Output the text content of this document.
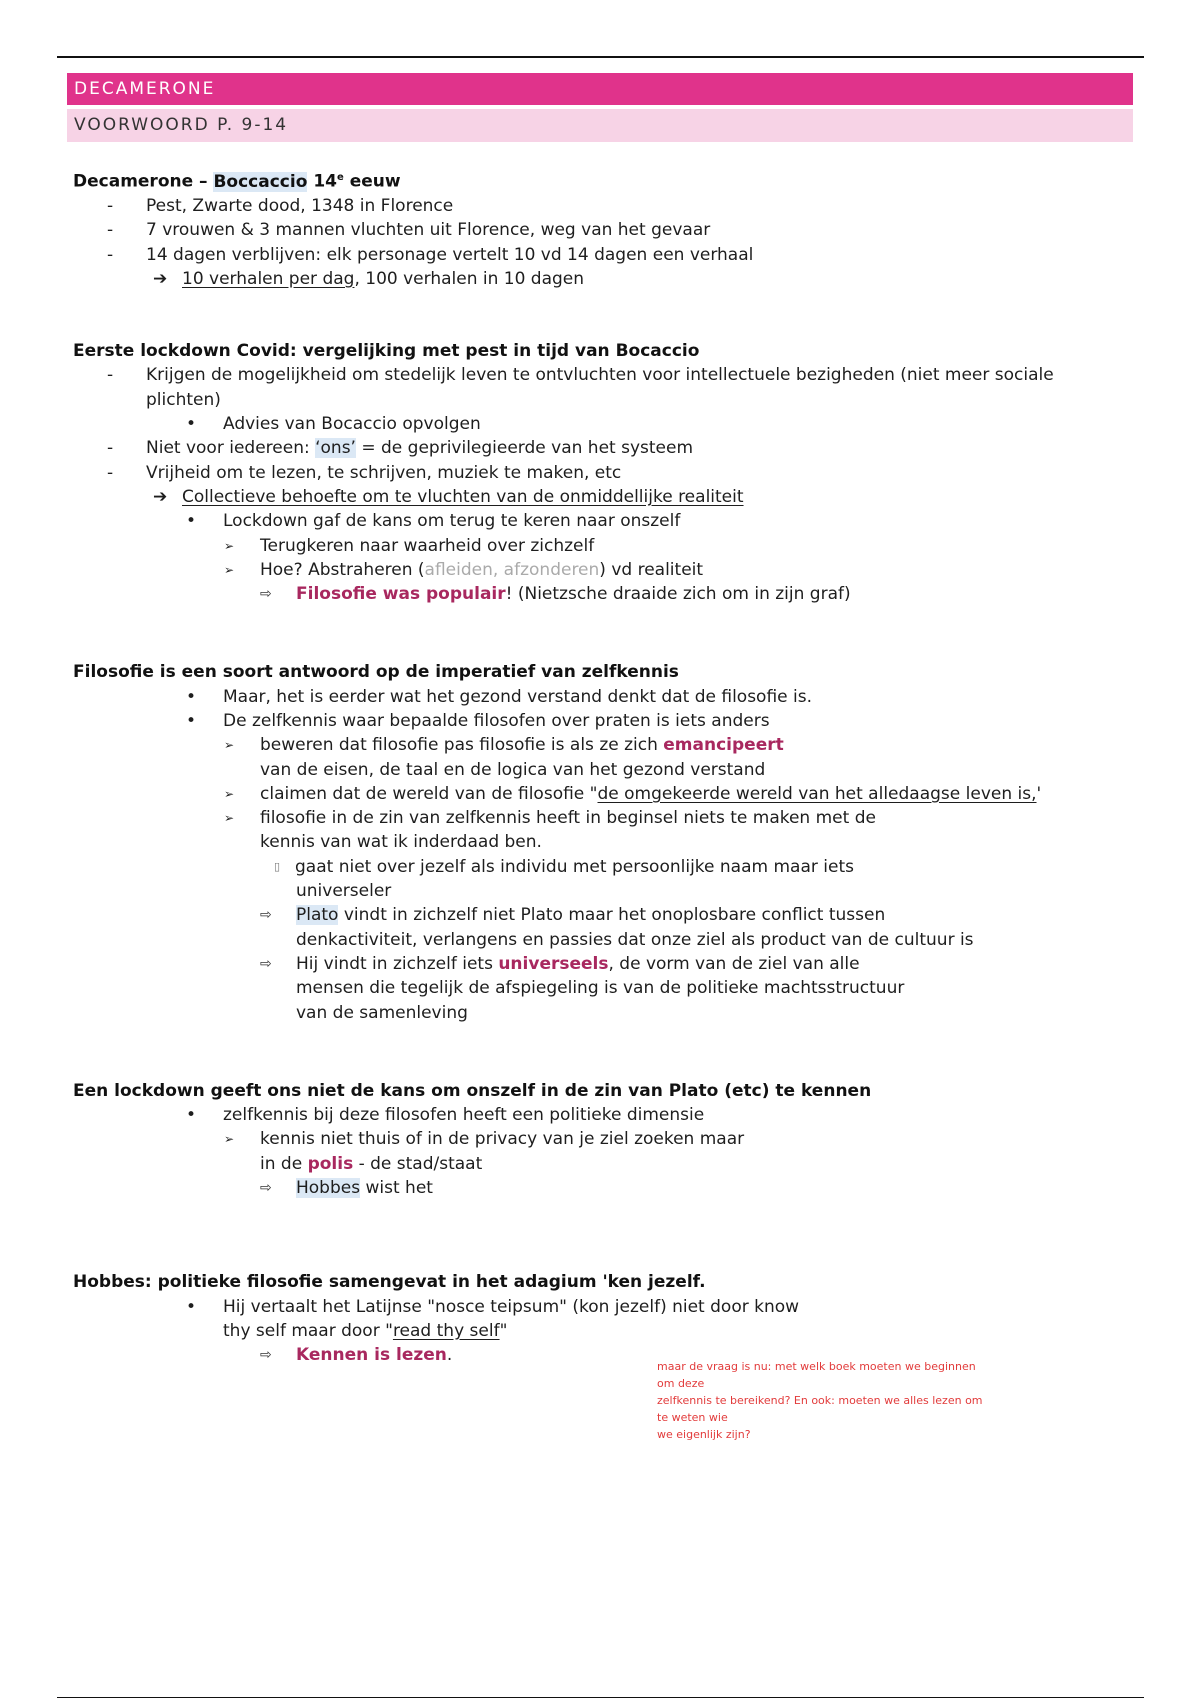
DECAMERONE
VOORWOORD P. 9-14

Decamerone – Boccaccio 14e eeuw

- Pest, Zwarte dood, 1348 in Florence

- 7 vrouwen & 3 mannen vluchten uit Florence, weg van het gevaar

- 14 dagen verblijven: elk personage vertelt 10 vd 14 dagen een verhaal

➔ 10 verhalen per dag, 100 verhalen in 10 dagen

Eerste lockdown Covid: vergelijking met pest in tijd van Bocaccio

- Krijgen de mogelijkheid om stedelijk leven te ontvluchten voor intellectuele bezigheden (niet meer sociale plichten)

• Advies van Bocaccio opvolgen

- Niet voor iedereen: ‘ons’ = de geprivilegieerde van het systeem

- Vrijheid om te lezen, te schrijven, muziek te maken, etc

➔ Collectieve behoefte om te vluchten van de onmiddellijke realiteit

• Lockdown gaf de kans om terug te keren naar onszelf

➢ Terugkeren naar waarheid over zichzelf

➢ Hoe? Abstraheren (afleiden, afzonderen) vd realiteit

⇨ Filosofie was populair! (Nietzsche draaide zich om in zijn graf)

Filosofie is een soort antwoord op de imperatief van zelfkennis

• Maar, het is eerder wat het gezond verstand denkt dat de filosofie is.

• De zelfkennis waar bepaalde filosofen over praten is iets anders

➢ beweren dat filosofie pas filosofie is als ze zich emancipeert

van de eisen, de taal en de logica van het gezond verstand

➢ claimen dat de wereld van de filosofie "de omgekeerde wereld van het alledaagse leven is,'

➢ filosofie in de zin van zelfkennis heeft in beginsel niets te maken met de

kennis van wat ik inderdaad ben.

▯ gaat niet over jezelf als individu met persoonlijke naam maar iets

universeler

⇨ Plato vindt in zichzelf niet Plato maar het onoplosbare conflict tussen

denkactiviteit, verlangens en passies dat onze ziel als product van de cultuur is

⇨ Hij vindt in zichzelf iets universeels, de vorm van de ziel van alle

mensen die tegelijk de afspiegeling is van de politieke machtsstructuur

van de samenleving

Een lockdown geeft ons niet de kans om onszelf in de zin van Plato (etc) te kennen

• zelfkennis bij deze filosofen heeft een politieke dimensie

➢ kennis niet thuis of in de privacy van je ziel zoeken maar

in de polis - de stad/staat

⇨ Hobbes wist het

Hobbes: politieke filosofie samengevat in het adagium 'ken jezelf.

• Hij vertaalt het Latijnse "nosce teipsum" (kon jezelf) niet door know

thy self maar door "read thy self"

⇨ Kennen is lezen.

maar de vraag is nu: met welk boek moeten we beginnen
om deze
zelfkennis te bereikend? En ook: moeten we alles lezen om
te weten wie
we eigenlijk zijn?
